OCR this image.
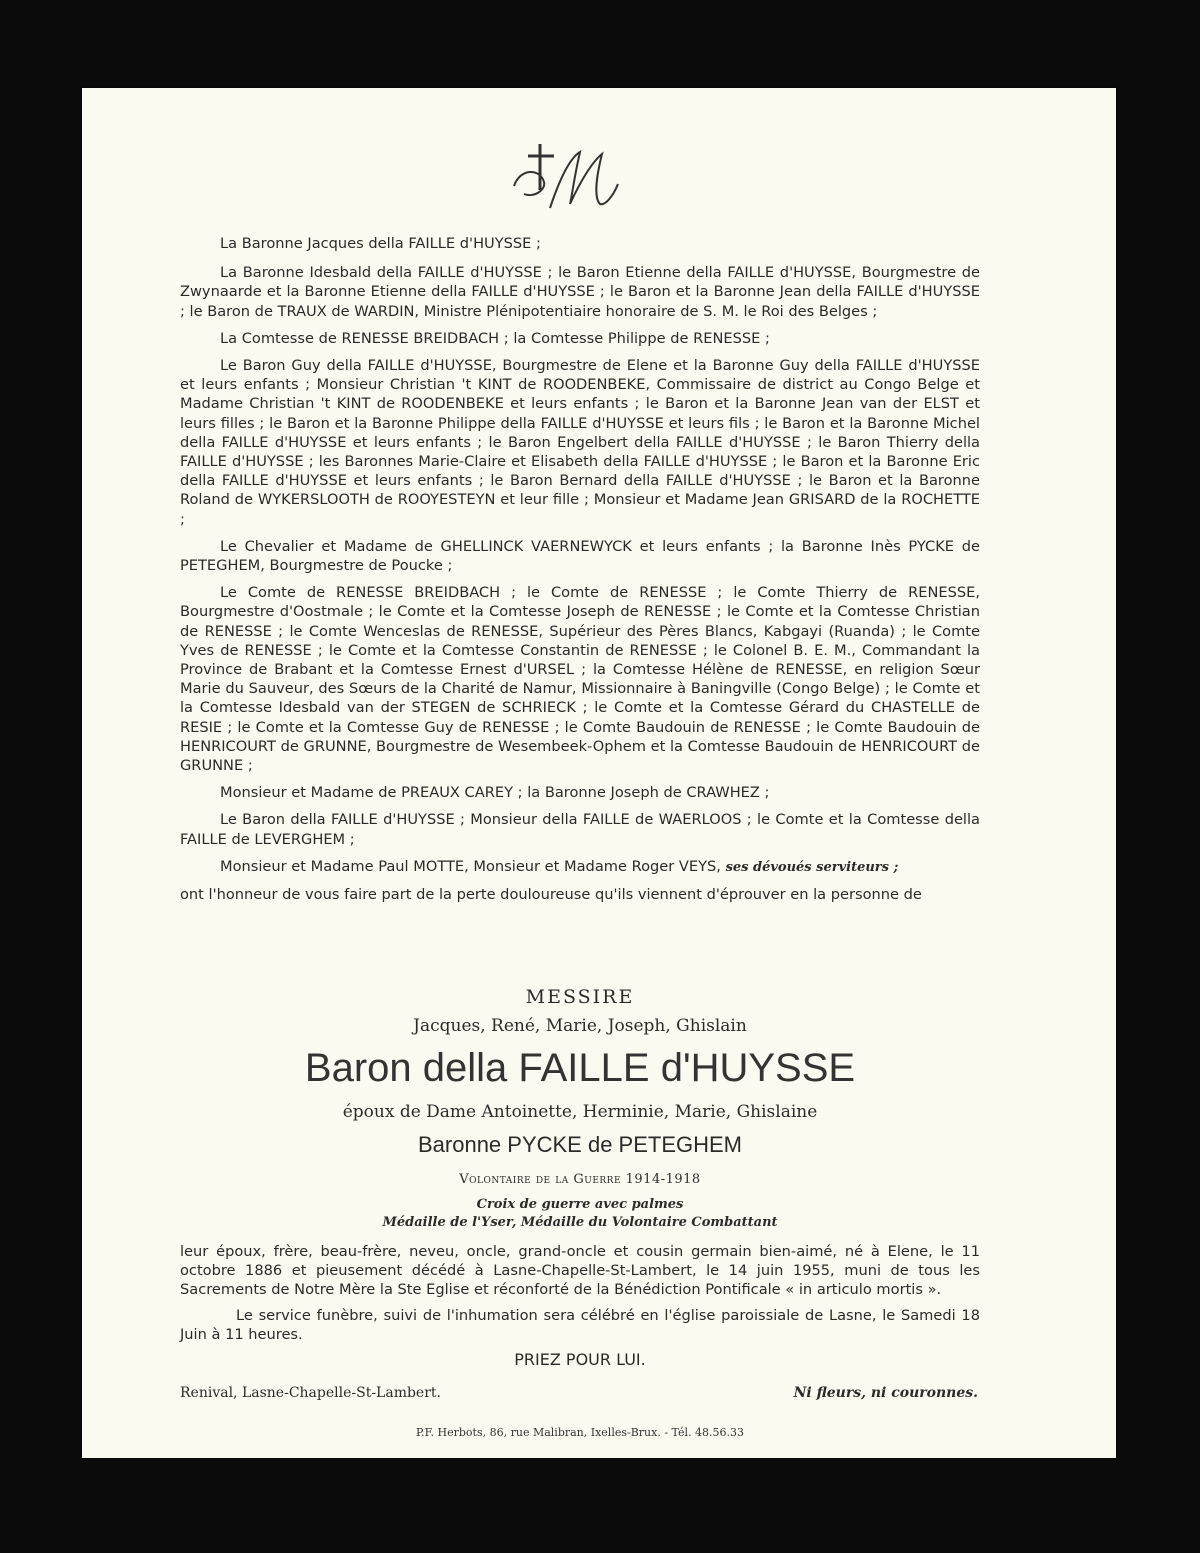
La Baronne Jacques della FAILLE d'HUYSSE ;

La Baronne Idesbald della FAILLE d'HUYSSE ; le Baron Etienne della FAILLE d'HUYSSE, Bourgmestre de Zwynaarde et la Baronne Etienne della FAILLE d'HUYSSE ; le Baron et la Baronne Jean della FAILLE d'HUYSSE ; le Baron de TRAUX de WARDIN, Ministre Plénipotentiaire honoraire de S. M. le Roi des Belges ;

La Comtesse de RENESSE BREIDBACH ; la Comtesse Philippe de RENESSE ;

Le Baron Guy della FAILLE d'HUYSSE, Bourgmestre de Elene et la Baronne Guy della FAILLE d'HUYSSE et leurs enfants ; Monsieur Christian 't KINT de ROODENBEKE, Commissaire de district au Congo Belge et Madame Christian 't KINT de ROODENBEKE et leurs enfants ; le Baron et la Baronne Jean van der ELST et leurs filles ; le Baron et la Baronne Philippe della FAILLE d'HUYSSE et leurs fils ; le Baron et la Baronne Michel della FAILLE d'HUYSSE et leurs enfants ; le Baron Engelbert della FAILLE d'HUYSSE ; le Baron Thierry della FAILLE d'HUYSSE ; les Baronnes Marie-Claire et Elisabeth della FAILLE d'HUYSSE ; le Baron et la Baronne Eric della FAILLE d'HUYSSE et leurs enfants ; le Baron Bernard della FAILLE d'HUYSSE ; le Baron et la Baronne Roland de WYKERSLOOTH de ROOYESTEYN et leur fille ; Monsieur et Madame Jean GRISARD de la ROCHETTE ;

Le Chevalier et Madame de GHELLINCK VAERNEWYCK et leurs enfants ; la Baronne Inès PYCKE de PETEGHEM, Bourgmestre de Poucke ;

Le Comte de RENESSE BREIDBACH ; le Comte de RENESSE ; le Comte Thierry de RENESSE, Bourgmestre d'Oostmale ; le Comte et la Comtesse Joseph de RENESSE ; le Comte et la Comtesse Christian de RENESSE ; le Comte Wenceslas de RENESSE, Supérieur des Pères Blancs, Kabgayi (Ruanda) ; le Comte Yves de RENESSE ; le Comte et la Comtesse Constantin de RENESSE ; le Colonel B. E. M., Commandant la Province de Brabant et la Comtesse Ernest d'URSEL ; la Comtesse Hélène de RENESSE, en religion Sœur Marie du Sauveur, des Sœurs de la Charité de Namur, Missionnaire à Baningville (Congo Belge) ; le Comte et la Comtesse Idesbald van der STEGEN de SCHRIECK ; le Comte et la Comtesse Gérard du CHASTELLE de RESIE ; le Comte et la Comtesse Guy de RENESSE ; le Comte Baudouin de RENESSE ; le Comte Baudouin de HENRICOURT de GRUNNE, Bourgmestre de Wesembeek-Ophem et la Comtesse Baudouin de HENRICOURT de GRUNNE ;

Monsieur et Madame de PREAUX CAREY ; la Baronne Joseph de CRAWHEZ ;

Le Baron della FAILLE d'HUYSSE ; Monsieur della FAILLE de WAERLOOS ; le Comte et la Comtesse della FAILLE de LEVERGHEM ;

Monsieur et Madame Paul MOTTE, Monsieur et Madame Roger VEYS, ses dévoués serviteurs ;

ont l'honneur de vous faire part de la perte douloureuse qu'ils viennent d'éprouver en la personne de

MESSIRE

Jacques, René, Marie, Joseph, Ghislain

Baron della FAILLE d'HUYSSE

époux de Dame Antoinette, Herminie, Marie, Ghislaine

Baronne PYCKE de PETEGHEM

Volontaire de la Guerre 1914-1918

Croix de guerre avec palmes

Médaille de l'Yser, Médaille du Volontaire Combattant

leur époux, frère, beau-frère, neveu, oncle, grand-oncle et cousin germain bien-aimé, né à Elene, le 11 octobre 1886 et pieusement décédé à Lasne-Chapelle-St-Lambert, le 14 juin 1955, muni de tous les Sacrements de Notre Mère la Ste Eglise et réconforté de la Bénédiction Pontificale « in articulo mortis ».

Le service funèbre, suivi de l'inhumation sera célébré en l'église paroissiale de Lasne, le Samedi 18 Juin à 11 heures.

PRIEZ POUR LUI.
Renival, Lasne-Chapelle-St-Lambert.	Ni fleurs, ni couronnes.
P.F. Herbots, 86, rue Malibran, Ixelles-Brux. - Tél. 48.56.33
